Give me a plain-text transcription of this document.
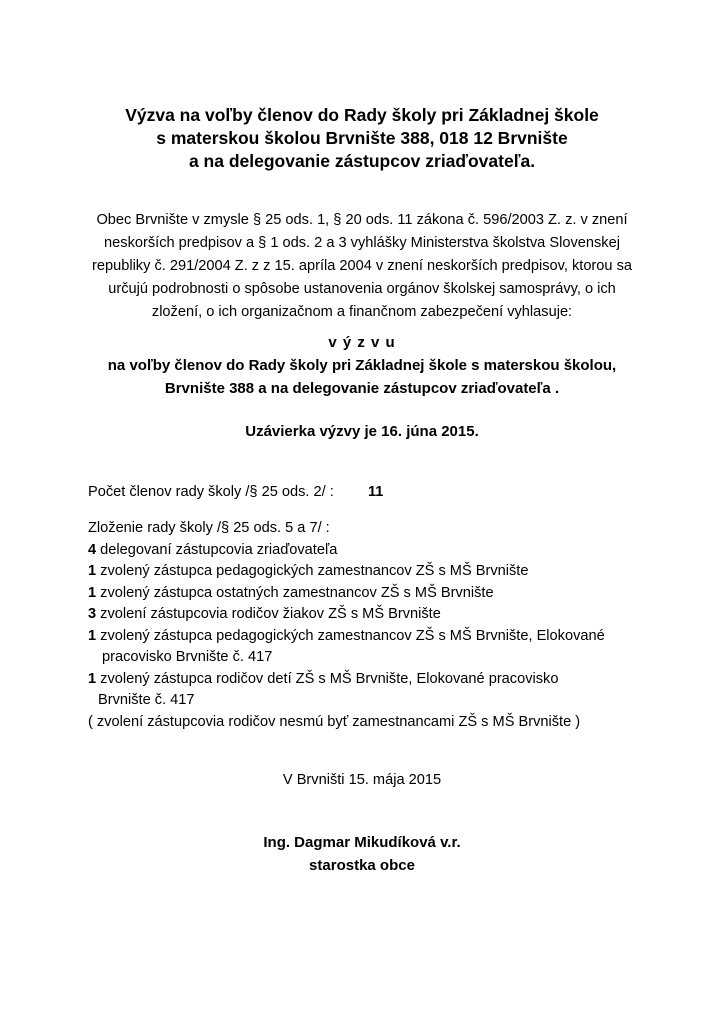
Výzva na voľby členov do Rady školy pri Základnej škole
s materskou školou Brvnište 388, 018 12 Brvnište
a na delegovanie zástupcov zriaďovateľa.
Obec Brvnište v zmysle § 25 ods. 1, § 20 ods. 11 zákona č. 596/2003 Z. z. v znení
neskorších predpisov a § 1 ods. 2 a 3 vyhlášky Ministerstva školstva Slovenskej
republiky č. 291/2004 Z. z z 15. apríla 2004 v znení neskorších predpisov, ktorou sa
určujú podrobnosti o spôsobe ustanovenia orgánov školskej samosprávy, o ich
zložení, o ich organizačnom a finančnom zabezpečení vyhlasuje:
v ý z v u
na voľby členov do Rady školy pri Základnej škole s materskou školou,
Brvnište 388 a na delegovanie zástupcov zriaďovateľa .
Uzávierka výzvy je 16. júna 2015.
Počet členov rady školy /§ 25 ods. 2/ : 11
Zloženie rady školy /§ 25 ods. 5 a 7/ :
4 delegovaní zástupcovia zriaďovateľa
1 zvolený zástupca pedagogických zamestnancov ZŠ s MŠ Brvnište
1 zvolený zástupca ostatných zamestnancov ZŠ s MŠ Brvnište
3 zvolení zástupcovia rodičov žiakov ZŠ s MŠ Brvnište
1 zvolený zástupca pedagogických zamestnancov ZŠ s MŠ Brvnište, Elokované
pracovisko Brvnište č. 417
1 zvolený zástupca rodičov detí ZŠ s MŠ Brvnište, Elokované pracovisko
Brvnište č. 417
( zvolení zástupcovia rodičov nesmú byť zamestnancami ZŠ s MŠ Brvnište )
V Brvništi 15. mája 2015
Ing. Dagmar Mikudíková v.r.
starostka obce
